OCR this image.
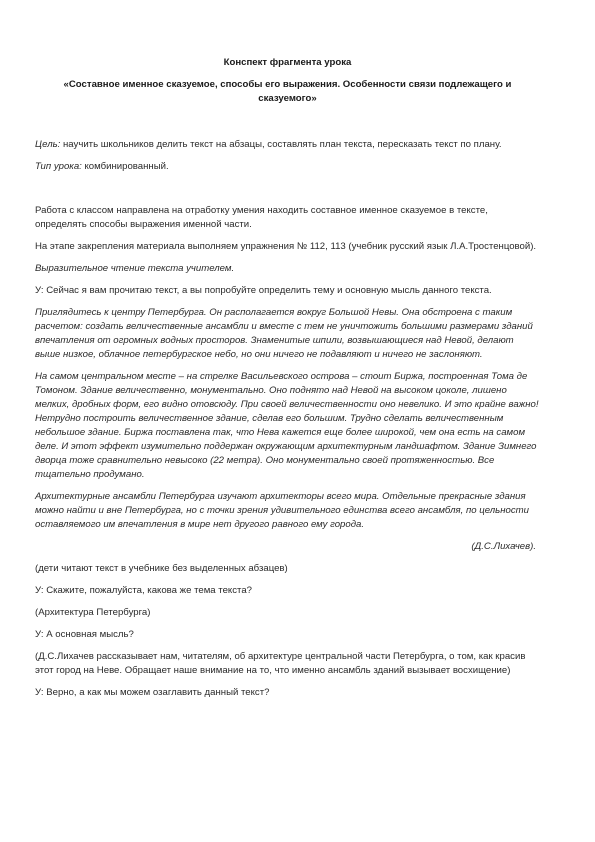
Конспект фрагмента урока
«Составное именное сказуемое, способы его выражения. Особенности связи подлежащего и сказуемого»

Цель: научить школьников делить текст на абзацы, составлять план текста, пересказать текст по плану.

Тип урока: комбинированный.

Работа с классом направлена на отработку умения находить составное именное сказуемое в тексте, определять способы выражения именной части.

На этапе закрепления материала выполняем упражнения № 112, 113 (учебник русский язык Л.А.Тростенцовой).

Выразительное чтение текста учителем.

У: Сейчас я вам прочитаю текст, а вы попробуйте определить тему и основную мысль данного текста.

Приглядитесь к центру Петербурга. Он располагается вокруг Большой Невы. Она обстроена с таким расчетом: создать величественные ансамбли и вместе с тем не уничтожить большими размерами зданий впечатления от огромных водных просторов. Знаменитые шпили, возвышающиеся над Невой, делают выше низкое, облачное петербургское небо, но они ничего не подавляют и ничего не заслоняют.

На самом центральном месте – на стрелке Васильевского острова – стоит Биржа, построенная Тома де Томоном. Здание величественно, монументально. Оно поднято над Невой на высоком цоколе, лишено мелких, дробных форм, его видно отовсюду. При своей величественности оно невелико. И это крайне важно! Нетрудно построить величественное здание, сделав его большим. Трудно сделать величественным небольшое здание. Биржа поставлена так, что Нева кажется еще более широкой, чем она есть на самом деле. И этот эффект изумительно поддержан окружающим архитектурным ландшафтом. Здание Зимнего дворца тоже сравнительно невысоко (22 метра). Оно монументально своей протяженностью. Все тщательно продумано.

Архитектурные ансамбли Петербурга изучают архитекторы всего мира. Отдельные прекрасные здания можно найти и вне Петербурга, но с точки зрения удивительного единства всего ансамбля, по цельности оставляемого им впечатления в мире нет другого равного ему города.

(Д.С.Лихачев).

(дети читают текст в учебнике без выделенных абзацев)

У: Скажите, пожалуйста, какова же тема текста?

(Архитектура Петербурга)

У: А основная мысль?

(Д.С.Лихачев рассказывает нам, читателям, об архитектуре центральной части Петербурга, о том, как красив этот город на Неве. Обращает наше внимание на то, что именно ансамбль зданий вызывает восхищение)

У: Верно, а как мы можем озаглавить данный текст?
